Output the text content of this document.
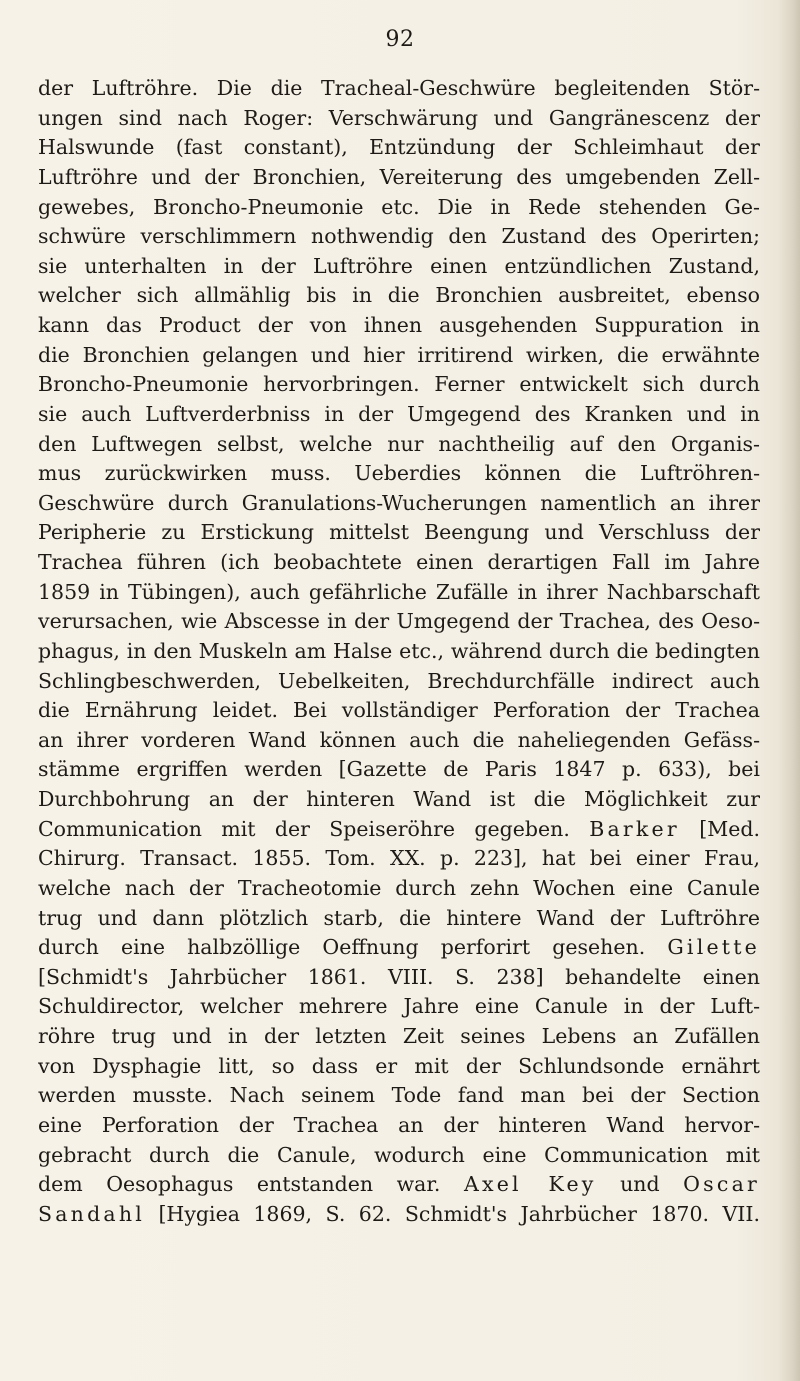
92
der Luftröhre. Die die Tracheal-Geschwüre begleitenden Stör-
ungen sind nach Roger: Verschwärung und Gangränescenz der
Halswunde (fast constant), Entzündung der Schleimhaut der
Luftröhre und der Bronchien, Vereiterung des umgebenden Zell-
gewebes, Broncho-Pneumonie etc. Die in Rede stehenden Ge-
schwüre verschlimmern nothwendig den Zustand des Operirten;
sie unterhalten in der Luftröhre einen entzündlichen Zustand,
welcher sich allmählig bis in die Bronchien ausbreitet, ebenso
kann das Product der von ihnen ausgehenden Suppuration in
die Bronchien gelangen und hier irritirend wirken, die erwähnte
Broncho-Pneumonie hervorbringen. Ferner entwickelt sich durch
sie auch Luftverderbniss in der Umgegend des Kranken und in
den Luftwegen selbst, welche nur nachtheilig auf den Organis-
mus zurückwirken muss. Ueberdies können die Luftröhren-
Geschwüre durch Granulations-Wucherungen namentlich an ihrer
Peripherie zu Erstickung mittelst Beengung und Verschluss der
Trachea führen (ich beobachtete einen derartigen Fall im Jahre
1859 in Tübingen), auch gefährliche Zufälle in ihrer Nachbarschaft
verursachen, wie Abscesse in der Umgegend der Trachea, des Oeso-
phagus, in den Muskeln am Halse etc., während durch die bedingten
Schlingbeschwerden, Uebelkeiten, Brechdurchfälle indirect auch
die Ernährung leidet. Bei vollständiger Perforation der Trachea
an ihrer vorderen Wand können auch die naheliegenden Gefäss-
stämme ergriffen werden [Gazette de Paris 1847 p. 633), bei
Durchbohrung an der hinteren Wand ist die Möglichkeit zur
Communication mit der Speiseröhre gegeben. Barker [Med.
Chirurg. Transact. 1855. Tom. XX. p. 223], hat bei einer Frau,
welche nach der Tracheotomie durch zehn Wochen eine Canule
trug und dann plötzlich starb, die hintere Wand der Luftröhre
durch eine halbzöllige Oeffnung perforirt gesehen. Gilette
[Schmidt's Jahrbücher 1861. VIII. S. 238] behandelte einen
Schuldirector, welcher mehrere Jahre eine Canule in der Luft-
röhre trug und in der letzten Zeit seines Lebens an Zufällen
von Dysphagie litt, so dass er mit der Schlundsonde ernährt
werden musste. Nach seinem Tode fand man bei der Section
eine Perforation der Trachea an der hinteren Wand hervor-
gebracht durch die Canule, wodurch eine Communication mit
dem Oesophagus entstanden war. Axel Key und Oscar
Sandahl [Hygiea 1869, S. 62. Schmidt's Jahrbücher 1870. VII.
